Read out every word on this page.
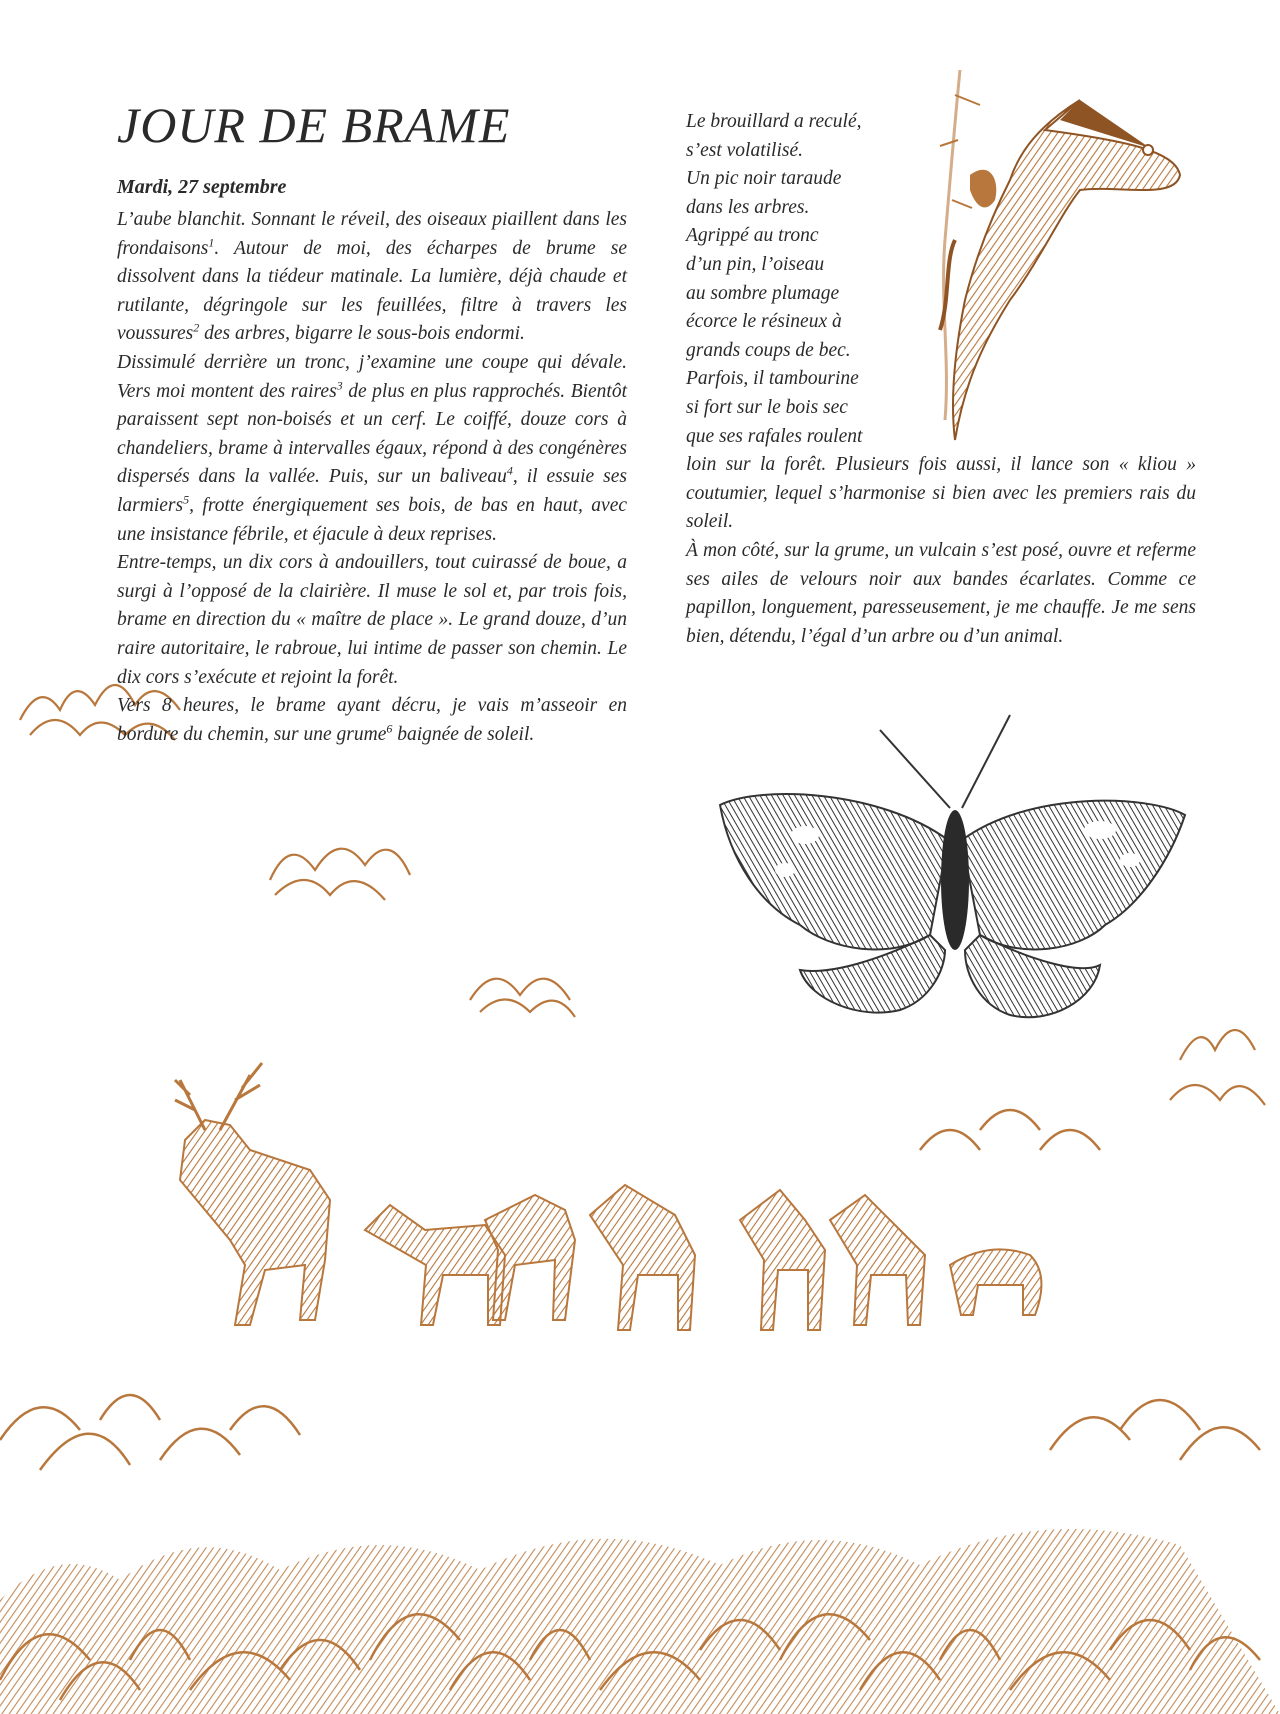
JOUR DE BRAME
Mardi, 27 septembre

L’aube blanchit. Sonnant le réveil, des oiseaux piaillent dans les frondaisons$^1$. Autour de moi, des écharpes de brume se dissolvent dans la tiédeur matinale. La lumière, déjà chaude et rutilante, dégringole sur les feuillées, filtre à travers les voussures$^2$ des arbres, bigarre le sous-bois endormi.

Dissimulé derrière un tronc, j’examine une coupe qui dévale. Vers moi montent des raires$^3$ de plus en plus rapprochés. Bientôt paraissent sept non-boisés et un cerf. Le coiffé, douze cors à chandeliers, brame à intervalles égaux, répond à des congénères dispersés dans la vallée. Puis, sur un baliveau$^4$, il essuie ses larmiers$^5$, frotte énergiquement ses bois, de bas en haut, avec une insistance fébrile, et éjacule à deux reprises.

Entre-temps, un dix cors à andouillers, tout cuirassé de boue, a surgi à l’opposé de la clairière. Il muse le sol et, par trois fois, brame en direction du « maître de place ». Le grand douze, d’un raire autoritaire, le rabroue, lui intime de passer son chemin. Le dix cors s’exécute et rejoint la forêt.

Vers 8 heures, le brame ayant décru, je vais m’asseoir en bordure du chemin, sur une grume$^6$ baignée de soleil.

Le brouillard a reculé,
s’est volatilisé.
Un pic noir taraude
dans les arbres.
Agrippé au tronc
d’un pin, l’oiseau
au sombre plumage
écorce le résineux à
grands coups de bec.
Parfois, il tambourine
si fort sur le bois sec
que ses rafales roulent

loin sur la forêt. Plusieurs fois aussi, il lance son « kliou » coutumier, lequel s’harmonise si bien avec les premiers rais du soleil.

À mon côté, sur la grume, un vulcain s’est posé, ouvre et referme ses ailes de velours noir aux bandes écarlates. Comme ce papillon, longuement, paresseusement, je me chauffe. Je me sens bien, détendu, l’égal d’un arbre ou d’un animal.
